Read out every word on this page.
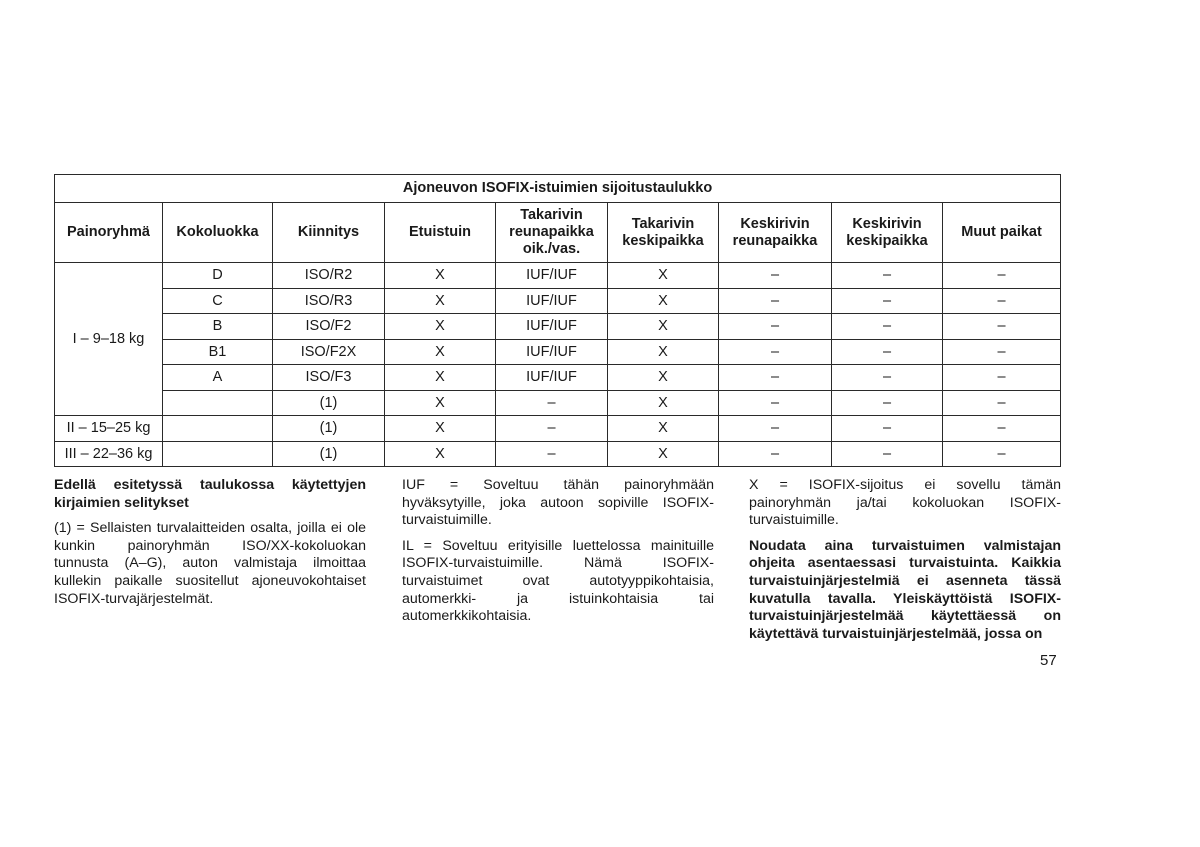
Ajoneuvon ISOFIX-istuimien sijoitustaulukko								
Painoryhmä	Kokoluokka	Kiinnitys	Etuistuin	Takarivin reunapaikka oik./vas.	Takarivin keskipaikka	Keskirivin reunapaikka	Keskirivin keskipaikka	Muut paikat
I – 9–18 kg	D	ISO/R2	X	IUF/IUF	X	–	–	–
	C	ISO/R3	X	IUF/IUF	X	–	–	–
	B	ISO/F2	X	IUF/IUF	X	–	–	–
	B1	ISO/F2X	X	IUF/IUF	X	–	–	–
	A	ISO/F3	X	IUF/IUF	X	–	–	–
		(1)	X	–	X	–	–	–
II – 15–25 kg		(1)	X	–	X	–	–	–
III – 22–36 kg		(1)	X	–	X	–	–	–

Edellä esitetyssä taulukossa käytettyjen kirjaimien selitykset

(1) = Sellaisten turvalaitteiden osalta, joilla ei ole kunkin painoryhmän ISO/XX-kokoluokan tunnusta (A–G), auton valmistaja ilmoittaa kullekin paikalle suositellut ajoneuvokohtaiset ISOFIX-turvajärjestelmät.

IUF = Soveltuu tähän painoryhmään hyväksytyille, joka autoon sopiville ISOFIX-turvaistuimille.

IL = Soveltuu erityisille luettelossa mainituille ISOFIX-turvaistuimille. Nämä ISOFIX-turvaistuimet ovat autotyyppikohtaisia, automerkki- ja istuinkohtaisia tai automerkkikohtaisia.

X = ISOFIX-sijoitus ei sovellu tämän painoryhmän ja/tai kokoluokan ISOFIX-turvaistuimille.

Noudata aina turvaistuimen valmistajan ohjeita asentaessasi turvaistuinta. Kaikkia turvaistuinjärjestelmiä ei asenneta tässä kuvatulla tavalla. Yleiskäyttöistä ISOFIX-turvaistuinjärjestelmää käytettäessä on käytettävä turvaistuinjärjestelmää, jossa on

57
